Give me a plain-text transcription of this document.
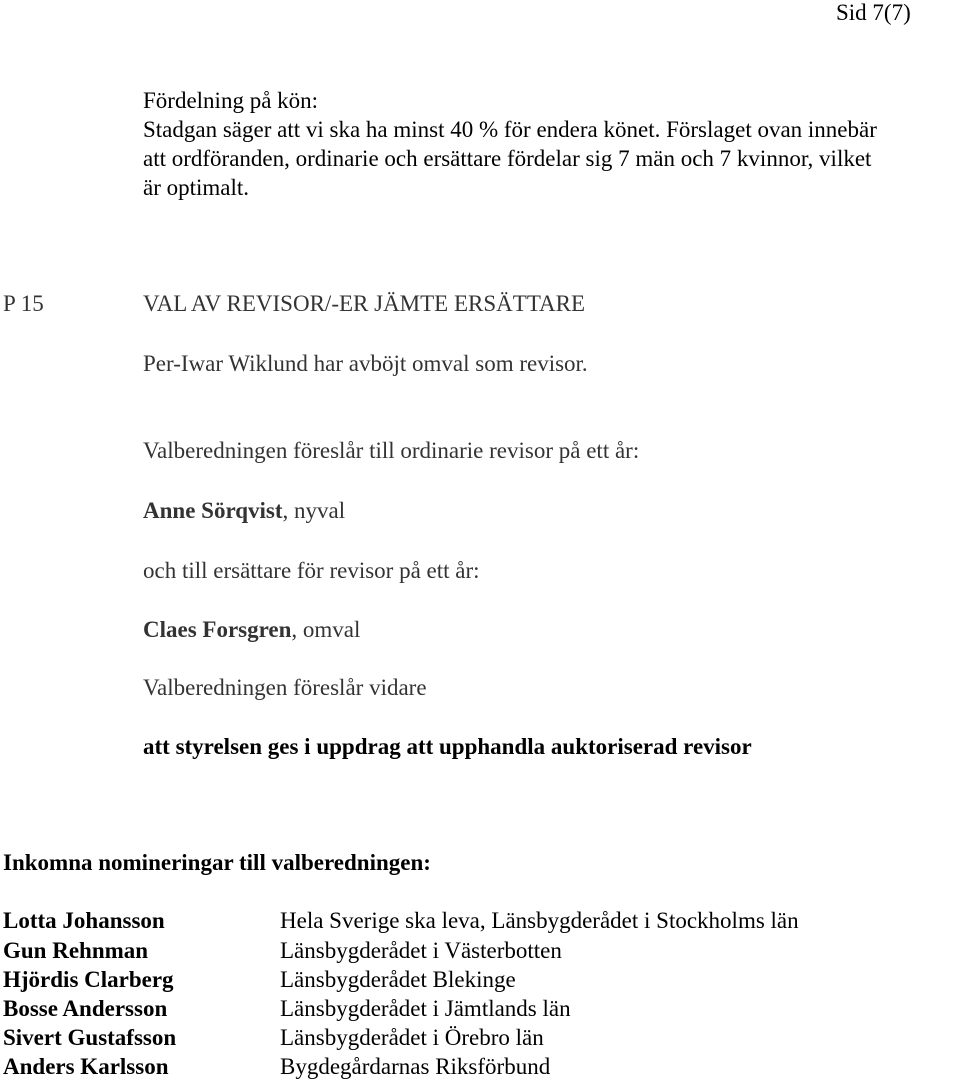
Sid 7(7)
Fördelning på kön:
Stadgan säger att vi ska ha minst 40 % för endera könet. Förslaget ovan innebär
att ordföranden, ordinarie och ersättare fördelar sig 7 män och 7 kvinnor, vilket
är optimalt.
P 15	VAL AV REVISOR/-ER JÄMTE ERSÄTTARE
Per-Iwar Wiklund har avböjt omval som revisor.
Valberedningen föreslår till ordinarie revisor på ett år:
Anne Sörqvist, nyval
och till ersättare för revisor på ett år:
Claes Forsgren, omval
Valberedningen föreslår vidare
att styrelsen ges i uppdrag att upphandla auktoriserad revisor
Inkomna nomineringar till valberedningen:
Lotta Johansson	Hela Sverige ska leva, Länsbygderådet i Stockholms län
Gun Rehnman	Länsbygderådet i Västerbotten
Hjördis Clarberg	Länsbygderådet Blekinge
Bosse Andersson	Länsbygderådet i Jämtlands län
Sivert Gustafsson	Länsbygderådet i Örebro län
Anders Karlsson	Bygdegårdarnas Riksförbund
